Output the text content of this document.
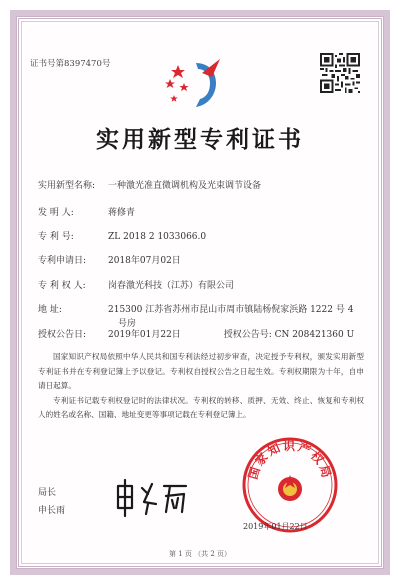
证书号第8397470号
实用新型专利证书
实用新型名称: 一种激光准直微调机构及光束调节设备
发 明 人:	蒋修青
专 利 号:	ZL 2018 2 1033066.0
专利申请日: 2018年07月02日
专 利 权 人: 岗春激光科技（江苏）有限公司
地 址:	215300 江苏省苏州市昆山市周市镇陆杨倪家浜路 1222 号 4
号房
授权公告日: 2019年01月22日	授权公告号: CN 208421360 U

国家知识产权局依照中华人民共和国专利法经过初步审查，决定授予专利权，颁发实用新型专利证书并在专利登记簿上予以登记。专利权自授权公告之日起生效。专利权期限为十年，自申请日起算。

专利证书记载专利权登记时的法律状况。专利权的转移、质押、无效、终止、恢复和专利权人的姓名或名称、国籍、地址变更等事项记载在专利登记簿上。

局长
申长雨
国家知识产权局
2019年01月22日
第 1 页 （共 2 页）
